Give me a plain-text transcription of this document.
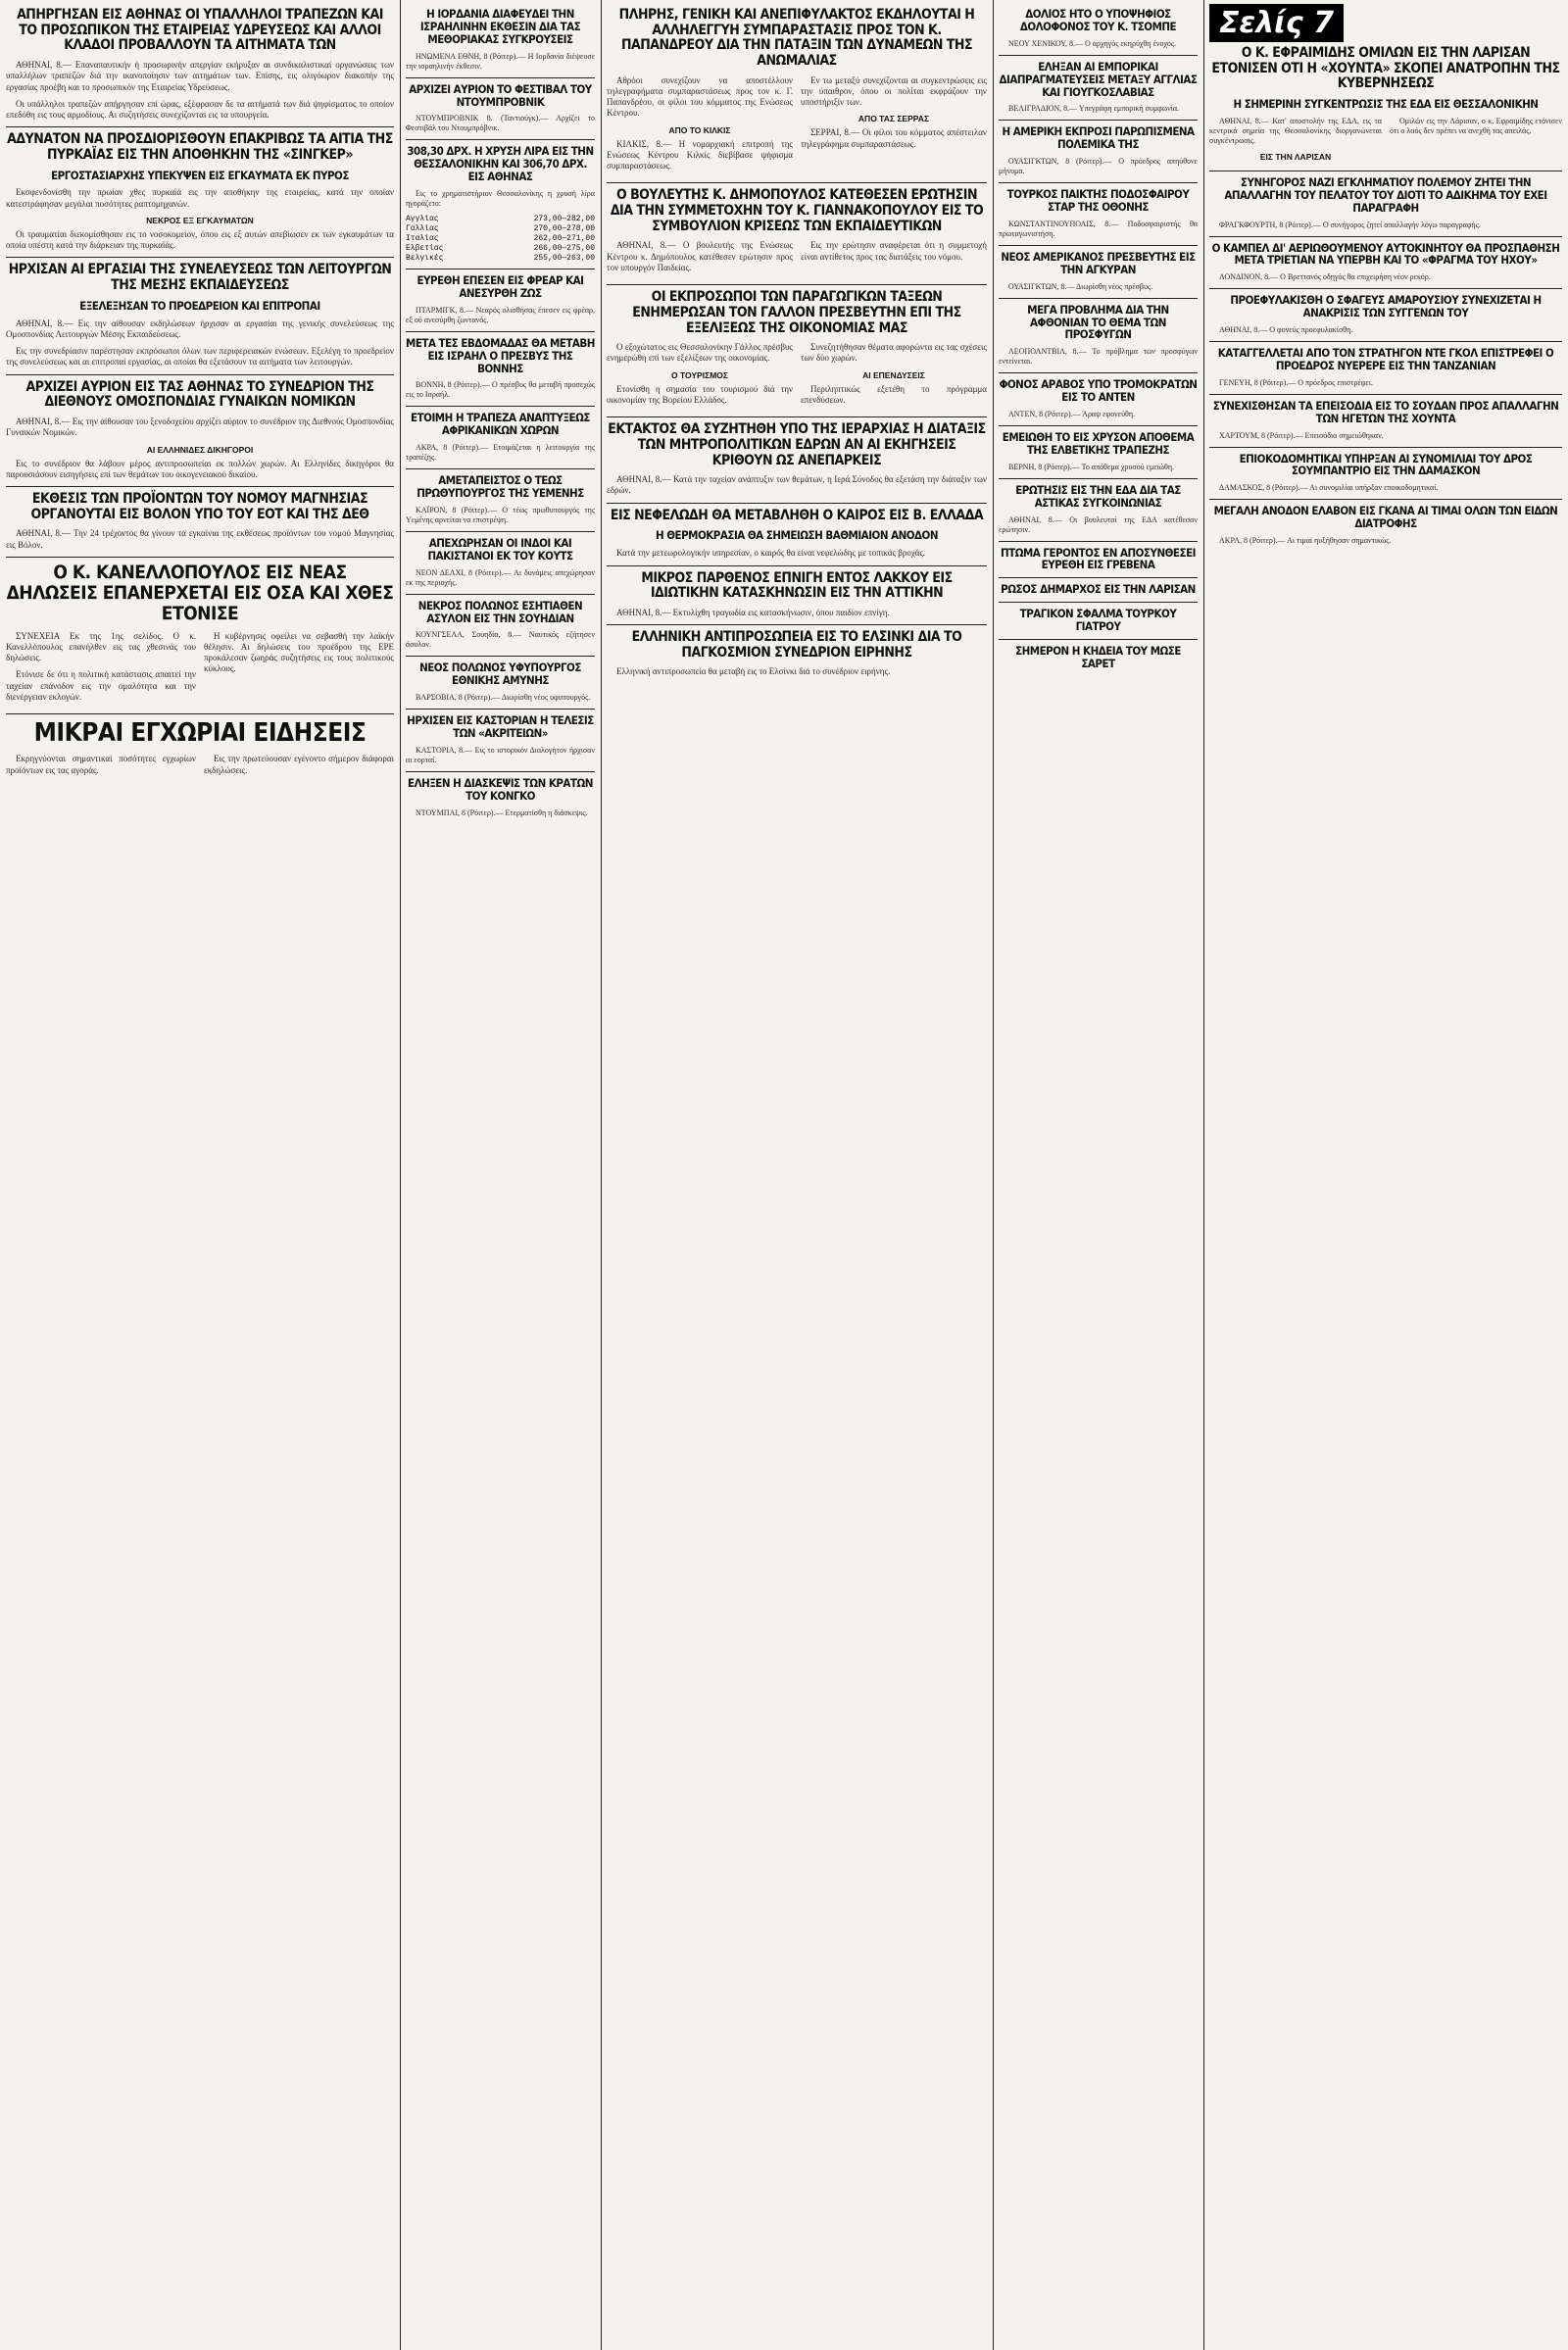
ΑΠΗΡΓΗΣΑΝ ΕΙΣ ΑΘΗΝΑΣ ΟΙ ΥΠΑΛΛΗΛΟΙ ΤΡΑΠΕΖΩΝ ΚΑΙ ΤΟ ΠΡΟΣΩΠΙΚΟΝ ΤΗΣ ΕΤΑΙΡΕΙΑΣ ΥΔΡΕΥΣΕΩΣ ΚΑΙ ΑΛΛΟΙ ΚΛΑΔΟΙ ΠΡΟΒΑΛΛΟΥΝ ΤΑ ΑΙΤΗΜΑΤΑ ΤΩΝ
ΑΘΗΝΑΙ, 8.— Επαναπαυτικήν ή προσωρινήν απεργίαν εκήρυξαν αι συνδικαλιστικαί οργανώσεις των υπαλλήλων τραπεζών διά την ικανοποίησιν των αιτημάτων των. Επίσης, εις ολιγόωρον διακοπήν της εργασίας προέβη και το προσωπικόν της Εταιρείας Υδρεύσεως.
Οι υπάλληλοι τραπεζών απήργησαν επί ώρας, εξέφρασαν δε τα αιτήματά των διά ψηφίσματος το οποίον επεδόθη εις τους αρμοδίους. Αι συζητήσεις συνεχίζονται εις τα υπουργεία.
ΑΔΥΝΑΤΟΝ ΝΑ ΠΡΟΣΔΙΟΡΙΣΘΟΥΝ ΕΠΑΚΡΙΒΩΣ ΤΑ ΑΙΤΙΑ ΤΗΣ ΠΥΡΚΑΪΑΣ ΕΙΣ ΤΗΝ ΑΠΟΘΗΚΗΝ ΤΗΣ «ΣΙΝΓΚΕΡ»
ΕΡΓΟΣΤΑΣΙΑΡΧΗΣ ΥΠΕΚΥΨΕΝ ΕΙΣ ΕΓΚΑΥΜΑΤΑ ΕΚ ΠΥΡΟΣ
Εκσφενδονίσθη την πρωίαν χθες πυρκαϊά εις την αποθήκην της εταιρείας, κατά την οποίαν κατεστράφησαν μεγάλαι ποσότητες ραπτομηχανών.
ΝΕΚΡΟΣ ΕΞ ΕΓΚΑΥΜΑΤΩΝ
Οι τραυματίαι διεκομίσθησαν εις το νοσοκομείον, όπου εις εξ αυτών απεβίωσεν εκ των εγκαυμάτων τα οποία υπέστη κατά την διάρκειαν της πυρκαϊάς.
ΗΡΧΙΣΑΝ ΑΙ ΕΡΓΑΣΙΑΙ ΤΗΣ ΣΥΝΕΛΕΥΣΕΩΣ ΤΩΝ ΛΕΙΤΟΥΡΓΩΝ ΤΗΣ ΜΕΣΗΣ ΕΚΠΑΙΔΕΥΣΕΩΣ
ΕΞΕΛΕΞΗΣΑΝ ΤΟ ΠΡΟΕΔΡΕΙΟΝ ΚΑΙ ΕΠΙΤΡΟΠΑΙ
ΑΘΗΝΑΙ, 8.— Εις την αίθουσαν εκδηλώσεων ήρχισαν αι εργασίαι της γενικής συνελεύσεως της Ομοσπονδίας Λειτουργών Μέσης Εκπαιδεύσεως.
Εις την συνεδρίασιν παρέστησαν εκπρόσωποι όλων των περιφερειακών ενώσεων. Εξελέγη το προεδρείον της συνελεύσεως και αι επιτροπαί εργασίας, αι οποίαι θα εξετάσουν τα αιτήματα των λειτουργών.
ΑΡΧΙΖΕΙ ΑΥΡΙΟΝ ΕΙΣ ΤΑΣ ΑΘΗΝΑΣ ΤΟ ΣΥΝΕΔΡΙΟΝ ΤΗΣ ΔΙΕΘΝΟΥΣ ΟΜΟΣΠΟΝΔΙΑΣ ΓΥΝΑΙΚΩΝ ΝΟΜΙΚΩΝ
ΑΘΗΝΑΙ, 8.— Εις την αίθουσαν του ξενοδοχείου αρχίζει αύριον το συνέδριον της Διεθνούς Ομοσπονδίας Γυναικών Νομικών.
ΑΙ ΕΛΛΗΝΙΔΕΣ ΔΙΚΗΓΟΡΟΙ
Εις το συνέδριον θα λάβουν μέρος αντιπροσωπείαι εκ πολλών χωρών. Αι Ελληνίδες δικηγόροι θα παρουσιάσουν εισηγήσεις επί των θεμάτων του οικογενειακού δικαίου.
ΕΚΘΕΣΙΣ ΤΩΝ ΠΡΟΪΟΝΤΩΝ ΤΟΥ ΝΟΜΟΥ ΜΑΓΝΗΣΙΑΣ ΟΡΓΑΝΟΥΤΑΙ ΕΙΣ ΒΟΛΟΝ ΥΠΟ ΤΟΥ ΕΟΤ ΚΑΙ ΤΗΣ ΔΕΘ
ΑΘΗΝΑΙ, 8.— Την 24 τρέχοντος θα γίνουν τα εγκαίνια της εκθέσεως προϊόντων του νομού Μαγνησίας εις Βόλον.
Ο Κ. ΚΑΝΕΛΛΟΠΟΥΛΟΣ ΕΙΣ ΝΕΑΣ ΔΗΛΩΣΕΙΣ ΕΠΑΝΕΡΧΕΤΑΙ ΕΙΣ ΟΣΑ ΚΑΙ ΧΘΕΣ ΕΤΟΝΙΣΕ
ΣΥΝΕΧΕΙΑ Εκ της 1ης σελίδος. Ο κ. Κανελλόπουλος επανήλθεν εις τας χθεσινάς του δηλώσεις.
Ετόνισε δε ότι η πολιτική κατάστασις απαιτεί την ταχείαν επάνοδον εις την ομαλότητα και την διενέργειαν εκλογών.
Η κυβέρνησις οφείλει να σεβασθή την λαϊκήν θέλησιν. Αι δηλώσεις του προέδρου της ΕΡΕ προκάλεσαν ζωηράς συζητήσεις εις τους πολιτικούς κύκλους.
ΜΙΚΡΑΙ ΕΓΧΩΡΙΑΙ ΕΙΔΗΣΕΙΣ
Εκρηγνύονται σημαντικαί ποσότητες εγχωρίων προϊόντων εις τας αγοράς.
Εις την πρωτεύουσαν εγένοντο σήμερον διάφοραι εκδηλώσεις.
Η ΙΟΡΔΑΝΙΑ ΔΙΑΦΕΥΔΕΙ ΤΗΝ ΙΣΡΑΗΛΙΝΗΝ ΕΚΘΕΣΙΝ ΔΙΑ ΤΑΣ ΜΕΘΟΡΙΑΚΑΣ ΣΥΓΚΡΟΥΣΕΙΣ
ΗΝΩΜΕΝΑ ΕΘΝΗ, 8 (Ρόιτερ).— Η Ιορδανία διέψευσε την ισραηλινήν έκθεσιν.
ΑΡΧΙΖΕΙ ΑΥΡΙΟΝ ΤΟ ΦΕΣΤΙΒΑΛ ΤΟΥ ΝΤΟΥΜΠΡΟΒΝΙΚ
ΝΤΟΥΜΠΡΟΒΝΙΚ 8. (Ταντιούγκ).— Αρχίζει το Φεστιβάλ του Ντουμπρόβνικ.
308,30 ΔΡΧ. Η ΧΡΥΣΗ ΛΙΡΑ ΕΙΣ ΤΗΝ ΘΕΣΣΑΛΟΝΙΚΗΝ ΚΑΙ 306,70 ΔΡΧ. ΕΙΣ ΑΘΗΝΑΣ
Εις το χρηματιστήριον Θεσσαλονίκης η χρυσή λίρα ηγοράζετο:
Αγγλίας	273,00—282,00
Γαλλίας	270,00—278,00
Ιταλίας	262,00—271,00
Ελβετίας	266,00—275,00
Βελγικές	255,00—263,00
ΕΥΡΕΘΗ ΕΠΕΣΕΝ ΕΙΣ ΦΡΕΑΡ ΚΑΙ ΑΝΕΣΥΡΘΗ ΖΩΣ
ΠΤΑΡΜΙΓΚ, 8.— Νεαρός ολισθήσας έπεσεν εις φρέαρ, εξ ού ανεσύρθη ζωντανός.
ΜΕΤΑ ΤΕΣ ΕΒΔΟΜΑΔΑΣ ΘΑ ΜΕΤΑΒΗ ΕΙΣ ΙΣΡΑΗΛ Ο ΠΡΕΣΒΥΣ ΤΗΣ ΒΟΝΝΗΣ
ΒΟΝΝΗ, 8 (Ρόιτερ).— Ο πρέσβυς θα μεταβή προσεχώς εις το Ισραήλ.
ΕΤΟΙΜΗ Η ΤΡΑΠΕΖΑ ΑΝΑΠΤΥΞΕΩΣ ΑΦΡΙΚΑΝΙΚΩΝ ΧΩΡΩΝ
ΑΚΡΑ, 8 (Ρόιτερ).— Ετοιμάζεται η λειτουργία της τραπέζης.
ΑΜΕΤΑΠΕΙΣΤΟΣ Ο ΤΕΩΣ ΠΡΩΘΥΠΟΥΡΓΟΣ ΤΗΣ ΥΕΜΕΝΗΣ
ΚΑΪΡΟΝ, 8 (Ρόιτερ).— Ο τέως πρωθυπουργός της Υεμένης αρνείται να επιστρέψη.
ΑΠΕΧΩΡΗΣΑΝ ΟΙ ΙΝΔΟΙ ΚΑΙ ΠΑΚΙΣΤΑΝΟΙ ΕΚ ΤΟΥ ΚΟΥΤΣ
ΝΕΟΝ ΔΕΛΧΙ, 8 (Ρόιτερ).— Αι δυνάμεις απεχώρησαν εκ της περιοχής.
ΝΕΚΡΟΣ ΠΟΛΩΝΟΣ ΕΣΗΤΙΑΘΕΝ ΑΣΥΛΟΝ ΕΙΣ ΤΗΝ ΣΟΥΗΔΙΑΝ
ΚΟΥΝΓΣΕΛΑ, Σουηδία, 8.— Ναυτικός εζήτησεν άσυλον.
ΝΕΟΣ ΠΟΛΩΝΟΣ ΥΦΥΠΟΥΡΓΟΣ ΕΘΝΙΚΗΣ ΑΜΥΝΗΣ
ΒΑΡΣΟΒΙΑ, 8 (Ρόιτερ).— Διωρίσθη νέος υφυπουργός.
ΗΡΧΙΣΕΝ ΕΙΣ ΚΑΣΤΟΡΙΑΝ Η ΤΕΛΕΣΙΣ ΤΩΝ «ΑΚΡΙΤΕΙΩΝ»
ΚΑΣΤΟΡΙΑ, 8.— Εις το ιστορικόν Διαλογήτον ήρχισαν αι εορταί.
ΕΛΗΞΕΝ Η ΔΙΑΣΚΕΨΙΣ ΤΩΝ ΚΡΑΤΩΝ ΤΟΥ ΚΟΝΓΚΟ
ΝΤΟΥΜΠΑΙ, 8 (Ρόιτερ).— Ετερματίσθη η διάσκεψις.
ΠΛΗΡΗΣ, ΓΕΝΙΚΗ ΚΑΙ ΑΝΕΠΙΦΥΛΑΚΤΟΣ ΕΚΔΗΛΟΥΤΑΙ Η ΑΛΛΗΛΕΓΓΥΗ ΣΥΜΠΑΡΑΣΤΑΣΙΣ ΠΡΟΣ ΤΟΝ Κ. ΠΑΠΑΝΔΡΕΟΥ ΔΙΑ ΤΗΝ ΠΑΤΑΞΙΝ ΤΩΝ ΔΥΝΑΜΕΩΝ ΤΗΣ ΑΝΩΜΑΛΙΑΣ
Αθρόοι συνεχίζουν να αποστέλλουν τηλεγραφήματα συμπαραστάσεως προς τον κ. Γ. Παπανδρέου, οι φίλοι του κόμματος της Ενώσεως Κέντρου.
ΑΠΟ ΤΟ ΚΙΛΚΙΣ
ΚΙΛΚΙΣ, 8.— Η νομαρχιακή επιτροπή της Ενώσεως Κέντρου Κιλκίς διεβίβασε ψήφισμα συμπαραστάσεως.
Εν τω μεταξύ συνεχίζονται αι συγκεντρώσεις εις την ύπαιθρον, όπου οι πολίται εκφράζουν την υποστήριξίν των.
ΑΠΟ ΤΑΣ ΣΕΡΡΑΣ
ΣΕΡΡΑΙ, 8.— Οι φίλοι του κόμματος απέστειλαν τηλεγράφημα συμπαραστάσεως.
Ο ΒΟΥΛΕΥΤΗΣ Κ. ΔΗΜΟΠΟΥΛΟΣ ΚΑΤΕΘΕΣΕΝ ΕΡΩΤΗΣΙΝ ΔΙΑ ΤΗΝ ΣΥΜΜΕΤΟΧΗΝ ΤΟΥ Κ. ΓΙΑΝΝΑΚΟΠΟΥΛΟΥ ΕΙΣ ΤΟ ΣΥΜΒΟΥΛΙΟΝ ΚΡΙΣΕΩΣ ΤΩΝ ΕΚΠΑΙΔΕΥΤΙΚΩΝ
ΑΘΗΝΑΙ, 8.— Ο βουλευτής της Ενώσεως Κέντρου κ. Δημόπουλος κατέθεσεν ερώτησιν προς τον υπουργόν Παιδείας.
Εις την ερώτησιν αναφέρεται ότι η συμμετοχή είναι αντίθετος προς τας διατάξεις του νόμου.
ΟΙ ΕΚΠΡΟΣΩΠΟΙ ΤΩΝ ΠΑΡΑΓΩΓΙΚΩΝ ΤΑΞΕΩΝ ΕΝΗΜΕΡΩΣΑΝ ΤΟΝ ΓΑΛΛΟΝ ΠΡΕΣΒΕΥΤΗΝ ΕΠΙ ΤΗΣ ΕΞΕΛΙΞΕΩΣ ΤΗΣ ΟΙΚΟΝΟΜΙΑΣ ΜΑΣ
Ο εξοχώτατος εις Θεσσαλονίκην Γάλλος πρέσβυς ενημερώθη επί των εξελίξεων της οικονομίας.
Ο ΤΟΥΡΙΣΜΟΣ
Ετονίσθη η σημασία του τουρισμού διά την οικονομίαν της Βορείου Ελλάδος.
Συνεζητήθησαν θέματα αφορώντα εις τας σχέσεις των δύο χωρών.
ΑΙ ΕΠΕΝΔΥΣΕΙΣ
Περιληπτικώς εξετέθη το πρόγραμμα επενδύσεων.
ΕΚΤΑΚΤΟΣ ΘΑ ΣΥΖΗΤΗΘΗ ΥΠΟ ΤΗΣ ΙΕΡΑΡΧΙΑΣ Η ΔΙΑΤΑΞΙΣ ΤΩΝ ΜΗΤΡΟΠΟΛΙΤΙΚΩΝ ΕΔΡΩΝ ΑΝ ΑΙ ΕΚΗΓΗΣΕΙΣ ΚΡΙΘΟΥΝ ΩΣ ΑΝΕΠΑΡΚΕΙΣ
ΑΘΗΝΑΙ, 8.— Κατά την ταχείαν ανάπτυξιν των θεμάτων, η Ιερά Σύνοδος θα εξετάση την διάταξιν των εδρών.
ΕΙΣ ΝΕΦΕΛΩΔΗ ΘΑ ΜΕΤΑΒΛΗΘΗ Ο ΚΑΙΡΟΣ ΕΙΣ Β. ΕΛΛΑΔΑ
Η ΘΕΡΜΟΚΡΑΣΙΑ ΘΑ ΣΗΜΕΙΩΣΗ ΒΑΘΜΙΑΙΟΝ ΑΝΟΔΟΝ
Κατά την μετεωρολογικήν υπηρεσίαν, ο καιρός θα είναι νεφελώδης με τοπικάς βροχάς.
ΜΙΚΡΟΣ ΠΑΡΘΕΝΟΣ ΕΠΝΙΓΗ ΕΝΤΟΣ ΛΑΚΚΟΥ ΕΙΣ ΙΔΙΩΤΙΚΗΝ ΚΑΤΑΣΚΗΝΩΣΙΝ ΕΙΣ ΤΗΝ ΑΤΤΙΚΗΝ
ΑΘΗΝΑΙ, 8.— Εκτυλίχθη τραγωδία εις κατασκήνωσιν, όπου παιδίον επνίγη.
ΕΛΛΗΝΙΚΗ ΑΝΤΙΠΡΟΣΩΠΕΙΑ ΕΙΣ ΤΟ ΕΛΣΙΝΚΙ ΔΙΑ ΤΟ ΠΑΓΚΟΣΜΙΟΝ ΣΥΝΕΔΡΙΟΝ ΕΙΡΗΝΗΣ
Ελληνική αντιπροσωπεία θα μεταβή εις το Ελσίνκι διά το συνέδριον ειρήνης.
ΔΟΛΙΟΣ ΗΤΟ Ο ΥΠΟΨΗΦΙΟΣ ΔΟΛΟΦΟΝΟΣ ΤΟΥ Κ. ΤΣΟΜΠΕ
ΝΕΟΥ ΧΕΝΙΚΟΥ, 8.— Ο αρχηγός εκηρύχθη ένοχος.
ΕΛΗΞΑΝ ΑΙ ΕΜΠΟΡΙΚΑΙ ΔΙΑΠΡΑΓΜΑΤΕΥΣΕΙΣ ΜΕΤΑΞΥ ΑΓΓΛΙΑΣ ΚΑΙ ΓΙΟΥΓΚΟΣΛΑΒΙΑΣ
ΒΕΛΙΓΡΑΔΙΟΝ, 8.— Υπεγράφη εμπορική συμφωνία.
Η ΑΜΕΡΙΚΗ ΕΚΠΡΟΣΙ ΠΑΡΩΠΙΣΜΕΝΑ ΠΟΛΕΜΙΚΑ ΤΗΣ
ΟΥΑΣΙΓΚΤΩΝ, 8 (Ρόιτερ).— Ο πρόεδρος απηύθυνε μήνυμα.
ΤΟΥΡΚΟΣ ΠΑΙΚΤΗΣ ΠΟΔΟΣΦΑΙΡΟΥ ΣΤΑΡ ΤΗΣ ΟΘΟΝΗΣ
ΚΩΝΣΤΑΝΤΙΝΟΥΠΟΛΙΣ, 8.— Ποδοσφαιριστής θα πρωταγωνιστήση.
ΝΕΟΣ ΑΜΕΡΙΚΑΝΟΣ ΠΡΕΣΒΕΥΤΗΣ ΕΙΣ ΤΗΝ ΑΓΚΥΡΑΝ
ΟΥΑΣΙΓΚΤΩΝ, 8.— Διωρίσθη νέος πρέσβυς.
ΜΕΓΑ ΠΡΟΒΛΗΜΑ ΔΙΑ ΤΗΝ ΑΦΘΟΝΙΑΝ ΤΟ ΘΕΜΑ ΤΩΝ ΠΡΟΣΦΥΓΩΝ
ΛΕΟΠΟΛΝΤΒΙΛ, 8.— Το πρόβλημα των προσφύγων εντείνεται.
ΦΟΝΟΣ ΑΡΑΒΟΣ ΥΠΟ ΤΡΟΜΟΚΡΑΤΩΝ ΕΙΣ ΤΟ ΑΝΤΕΝ
ΑΝΤΕΝ, 8 (Ρόιτερ).— Άραψ εφονεύθη.
ΕΜΕΙΩΘΗ ΤΟ ΕΙΣ ΧΡΥΣΟΝ ΑΠΟΘΕΜΑ ΤΗΣ ΕΛΒΕΤΙΚΗΣ ΤΡΑΠΕΖΗΣ
ΒΕΡΝΗ, 8 (Ρόιτερ).— Το απόθεμα χρυσού εμειώθη.
ΕΡΩΤΗΣΙΣ ΕΙΣ ΤΗΝ ΕΔΑ ΔΙΑ ΤΑΣ ΑΣΤΙΚΑΣ ΣΥΓΚΟΙΝΩΝΙΑΣ
ΑΘΗΝΑΙ, 8.— Οι βουλευταί της ΕΔΑ κατέθεσαν ερώτησιν.
ΠΤΩΜΑ ΓΕΡΟΝΤΟΣ ΕΝ ΑΠΟΣΥΝΘΕΣΕΙ ΕΥΡΕΘΗ ΕΙΣ ΓΡΕΒΕΝΑ
ΡΩΣΟΣ ΔΗΜΑΡΧΟΣ ΕΙΣ ΤΗΝ ΛΑΡΙΣΑΝ
ΤΡΑΓΙΚΟΝ ΣΦΑΛΜΑ ΤΟΥΡΚΟΥ ΓΙΑΤΡΟΥ
ΣΗΜΕΡΟΝ Η ΚΗΔΕΙΑ ΤΟΥ ΜΩΣΕ ΣΑΡΕΤ
Σελίς 7
Ο Κ. ΕΦΡΑΙΜΙΔΗΣ ΟΜΙΛΩΝ ΕΙΣ ΤΗΝ ΛΑΡΙΣΑΝ ΕΤΟΝΙΣΕΝ ΟΤΙ Η «ΧΟΥΝΤΑ» ΣΚΟΠΕΙ ΑΝΑΤΡΟΠΗΝ ΤΗΣ ΚΥΒΕΡΝΗΣΕΩΣ
Η ΣΗΜΕΡΙΝΗ ΣΥΓΚΕΝΤΡΩΣΙΣ ΤΗΣ ΕΔΑ ΕΙΣ ΘΕΣΣΑΛΟΝΙΚΗΝ
ΑΘΗΝΑΙ, 8.— Κατ' αποστολήν της ΕΔΑ, εις τα κεντρικά σημεία της Θεσσαλονίκης διοργανώνεται συγκέντρωσις.
ΕΙΣ ΤΗΝ ΛΑΡΙΣΑΝ
Ομιλών εις την Λάρισαν, ο κ. Εφραιμίδης ετόνισεν ότι ο λαός δεν πρέπει να ανεχθή τας απειλάς.
ΣΥΝΗΓΟΡΟΣ ΝΑΖΙ ΕΓΚΛΗΜΑΤΙΟΥ ΠΟΛΕΜΟΥ ΖΗΤΕΙ ΤΗΝ ΑΠΑΛΛΑΓΗΝ ΤΟΥ ΠΕΛΑΤΟΥ ΤΟΥ ΔΙΟΤΙ ΤΟ ΑΔΙΚΗΜΑ ΤΟΥ ΕΧΕΙ ΠΑΡΑΓΡΑΦΗ
ΦΡΑΓΚΦΟΥΡΤΗ, 8 (Ρόιτερ).— Ο συνήγορος ζητεί απαλλαγήν λόγω παραγραφής.
Ο ΚΑΜΠΕΛ ΔΙ' ΑΕΡΙΩΘΟΥΜΕΝΟΥ ΑΥΤΟΚΙΝΗΤΟΥ ΘΑ ΠΡΟΣΠΑΘΗΣΗ ΜΕΤΑ ΤΡΙΕΤΙΑΝ ΝΑ ΥΠΕΡΒΗ ΚΑΙ ΤΟ «ΦΡΑΓΜΑ ΤΟΥ ΗΧΟΥ»
ΛΟΝΔΙΝΟΝ, 8.— Ο Βρεττανός οδηγός θα επιχειρήση νέον ρεκόρ.
ΠΡΟΕΦΥΛΑΚΙΣΘΗ Ο ΣΦΑΓΕΥΣ ΑΜΑΡΟΥΣΙΟΥ ΣΥΝΕΧΙΖΕΤΑΙ Η ΑΝΑΚΡΙΣΙΣ ΤΩΝ ΣΥΓΓΕΝΩΝ ΤΟΥ
ΑΘΗΝΑΙ, 8.— Ο φονεύς προεφυλακίσθη.
ΚΑΤΑΓΓΕΛΛΕΤΑΙ ΑΠΟ ΤΟΝ ΣΤΡΑΤΗΓΟΝ ΝΤΕ ΓΚΟΛ ΕΠΙΣΤΡΕΦΕΙ Ο ΠΡΟΕΔΡΟΣ ΝΥΕΡΕΡΕ ΕΙΣ ΤΗΝ ΤΑΝΖΑΝΙΑΝ
ΓΕΝΕΥΗ, 8 (Ρόιτερ).— Ο πρόεδρος επιστρέφει.
ΣΥΝΕΧΙΣΘΗΣΑΝ ΤΑ ΕΠΕΙΣΟΔΙΑ ΕΙΣ ΤΟ ΣΟΥΔΑΝ ΠΡΟΣ ΑΠΑΛΛΑΓΗΝ ΤΩΝ ΗΓΕΤΩΝ ΤΗΣ ΧΟΥΝΤΑ
ΧΑΡΤΟΥΜ, 8 (Ρόιτερ).— Επεισόδια σημειώθηκαν.
ΕΠΙΟΚΟΔΟΜΗΤΙΚΑΙ ΥΠΗΡΞΑΝ ΑΙ ΣΥΝΟΜΙΛΙΑΙ ΤΟΥ ΔΡΟΣ ΣΟΥΜΠΑΝΤΡΙΟ ΕΙΣ ΤΗΝ ΔΑΜΑΣΚΟΝ
ΔΑΜΑΣΚΟΣ, 8 (Ρόιτερ).— Αι συνομιλίαι υπήρξαν εποικοδομητικαί.
ΜΕΓΑΛΗ ΑΝΟΔΟΝ ΕΛΑΒΟΝ ΕΙΣ ΓΚΑΝΑ ΑΙ ΤΙΜΑΙ ΟΛΩΝ ΤΩΝ ΕΙΔΩΝ ΔΙΑΤΡΟΦΗΣ
ΑΚΡΑ, 8 (Ρόιτερ).— Αι τιμαί ηυξήθησαν σημαντικώς.
